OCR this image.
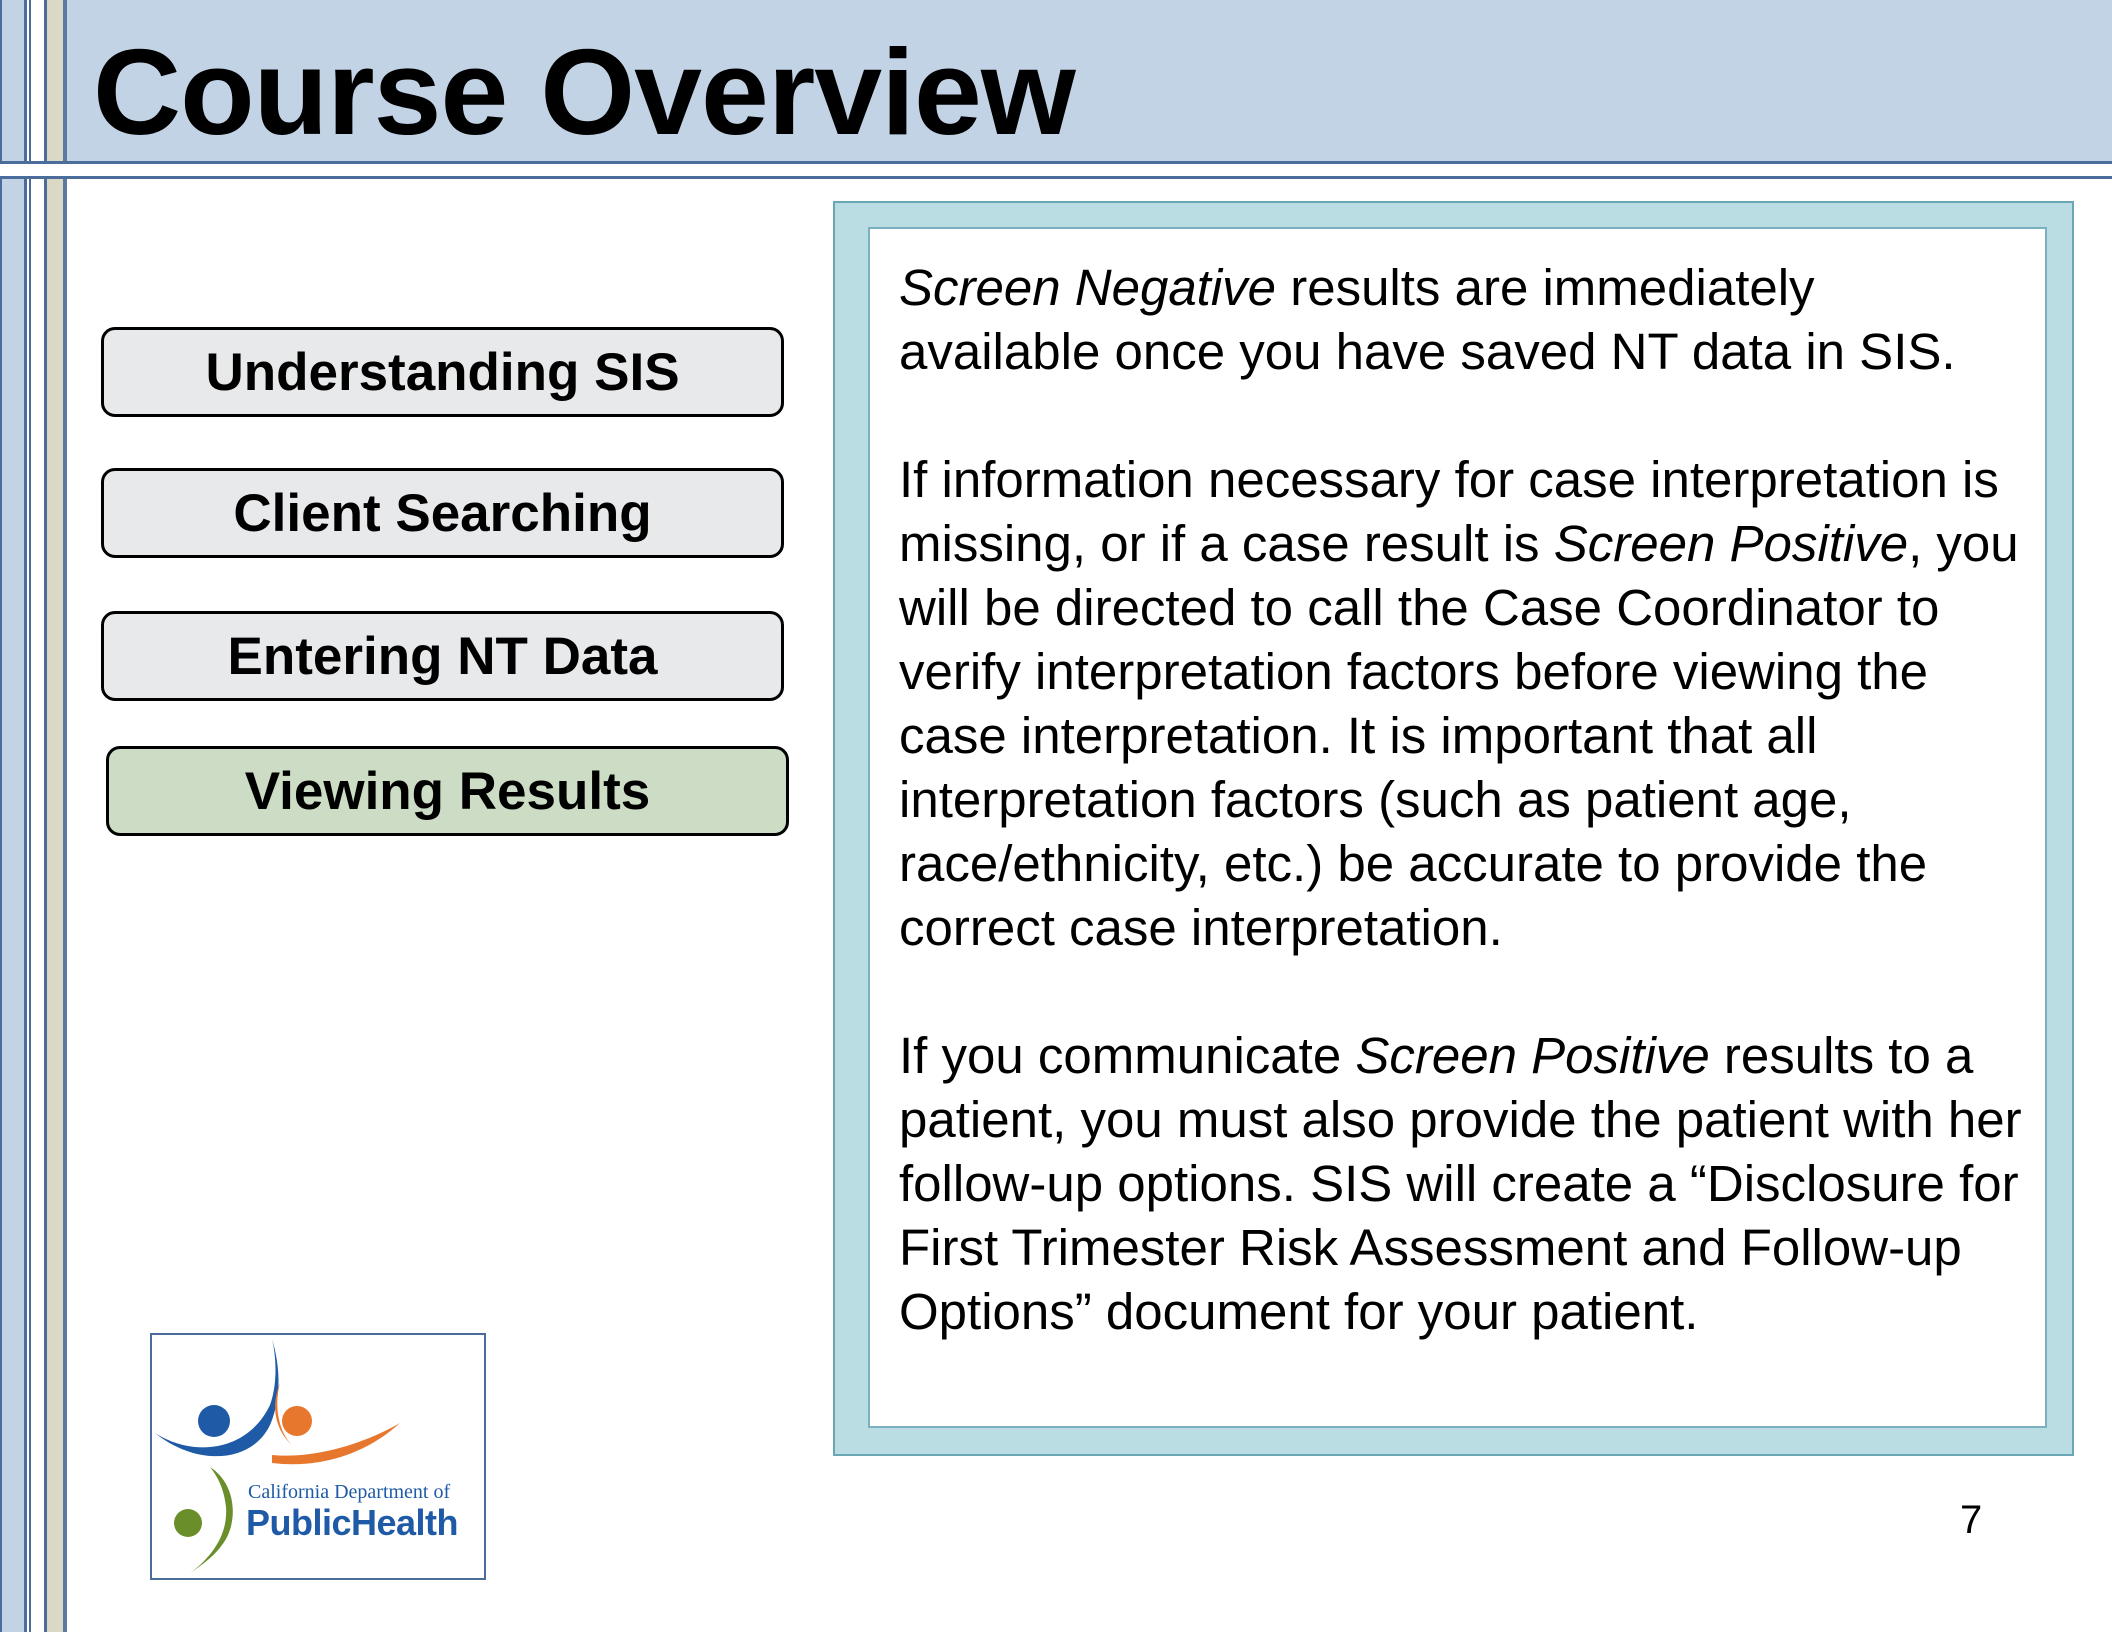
Course Overview
Understanding SIS
Client Searching
Entering NT Data
Viewing Results

Screen Negative results are immediately available once you have saved NT data in SIS.

If information necessary for case interpretation is missing, or if a case result is Screen Positive, you will be directed to call the Case Coordinator to verify interpretation factors before viewing the case interpretation. It is important that all interpretation factors (such as patient age, race/ethnicity, etc.) be accurate to provide the correct case interpretation.

If you communicate Screen Positive results to a patient, you must also provide the patient with her follow-up options. SIS will create a “Disclosure for First Trimester Risk Assessment and Follow-up Options” document for your patient.

California Department of
PublicHealth	7
